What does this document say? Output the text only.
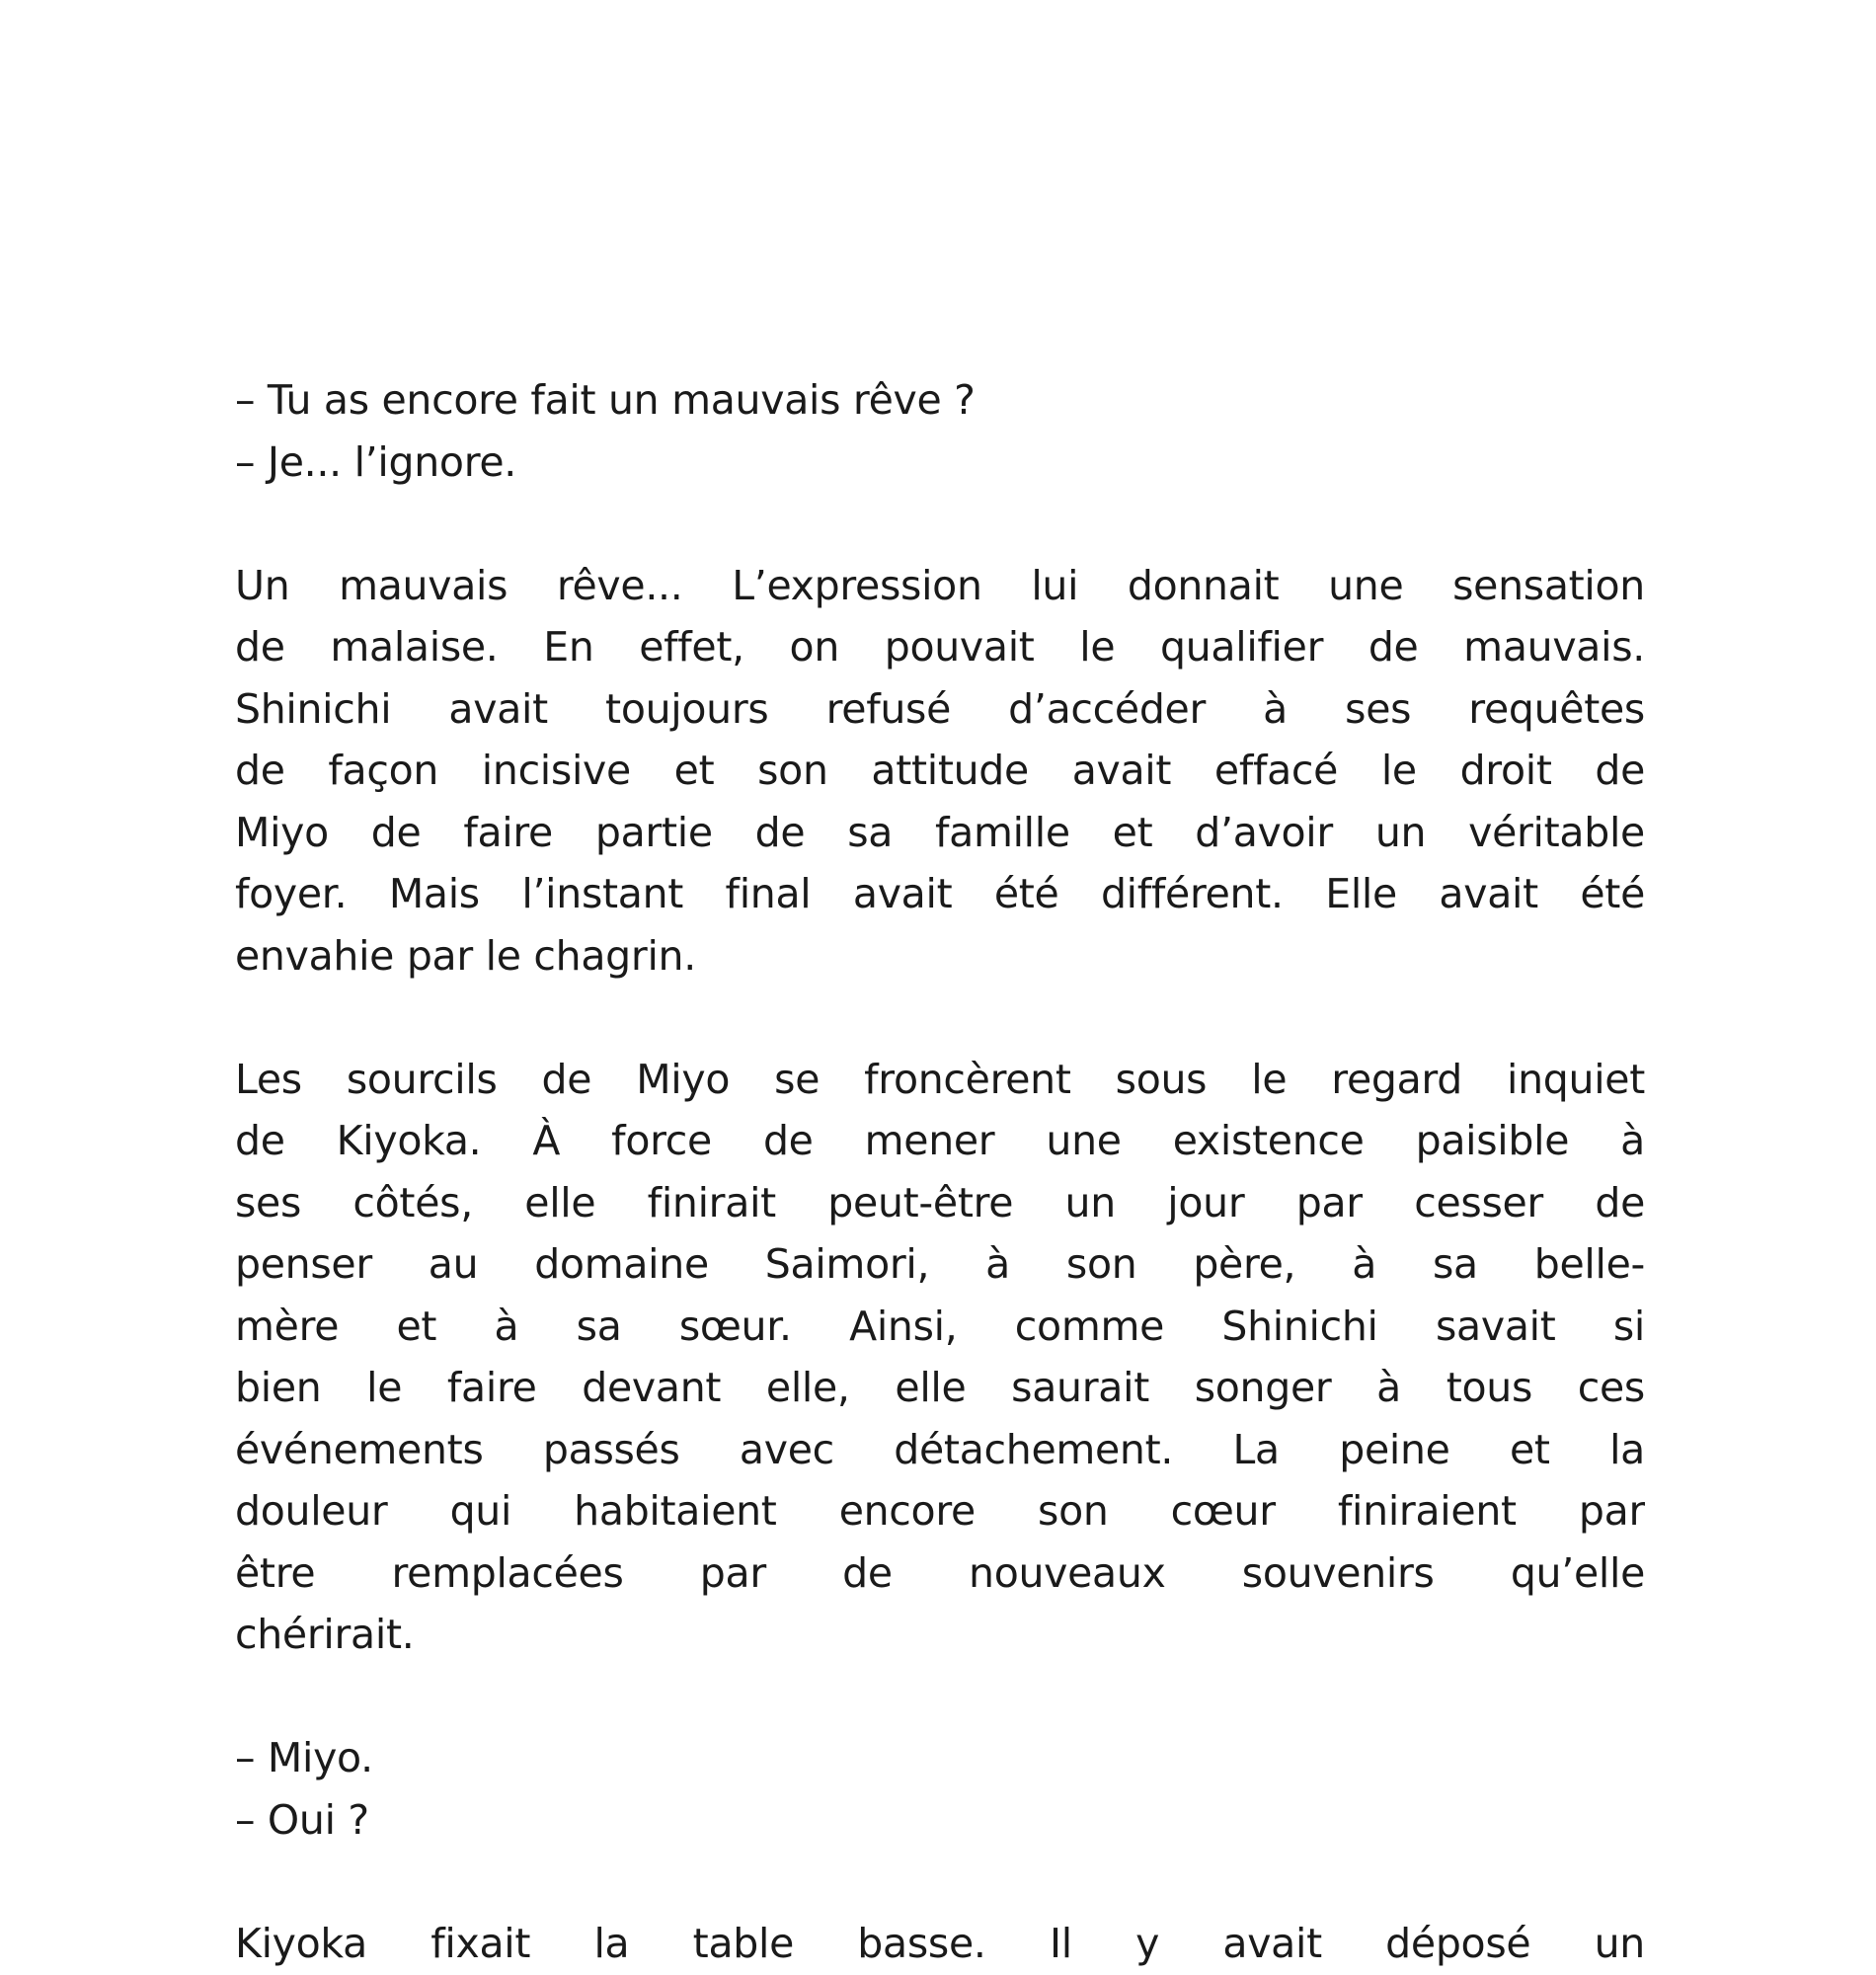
– Tu as encore fait un mauvais rêve ?
– Je... l’ignore.
Un mauvais rêve... L’expression lui donnait une sensation
de malaise. En effet, on pouvait le qualifier de mauvais.
Shinichi avait toujours refusé d’accéder à ses requêtes
de façon incisive et son attitude avait effacé le droit de
Miyo de faire partie de sa famille et d’avoir un véritable
foyer. Mais l’instant final avait été différent. Elle avait été
envahie par le chagrin.
Les sourcils de Miyo se froncèrent sous le regard inquiet
de Kiyoka. À force de mener une existence paisible à
ses côtés, elle finirait peut-être un jour par cesser de
penser au domaine Saimori, à son père, à sa belle-
mère et à sa sœur. Ainsi, comme Shinichi savait si
bien le faire devant elle, elle saurait songer à tous ces
événements passés avec détachement. La peine et la
douleur qui habitaient encore son cœur finiraient par
être remplacées par de nouveaux souvenirs qu’elle
chérirait.
– Miyo.
– Oui ?
Kiyoka fixait la table basse. Il y avait déposé un
